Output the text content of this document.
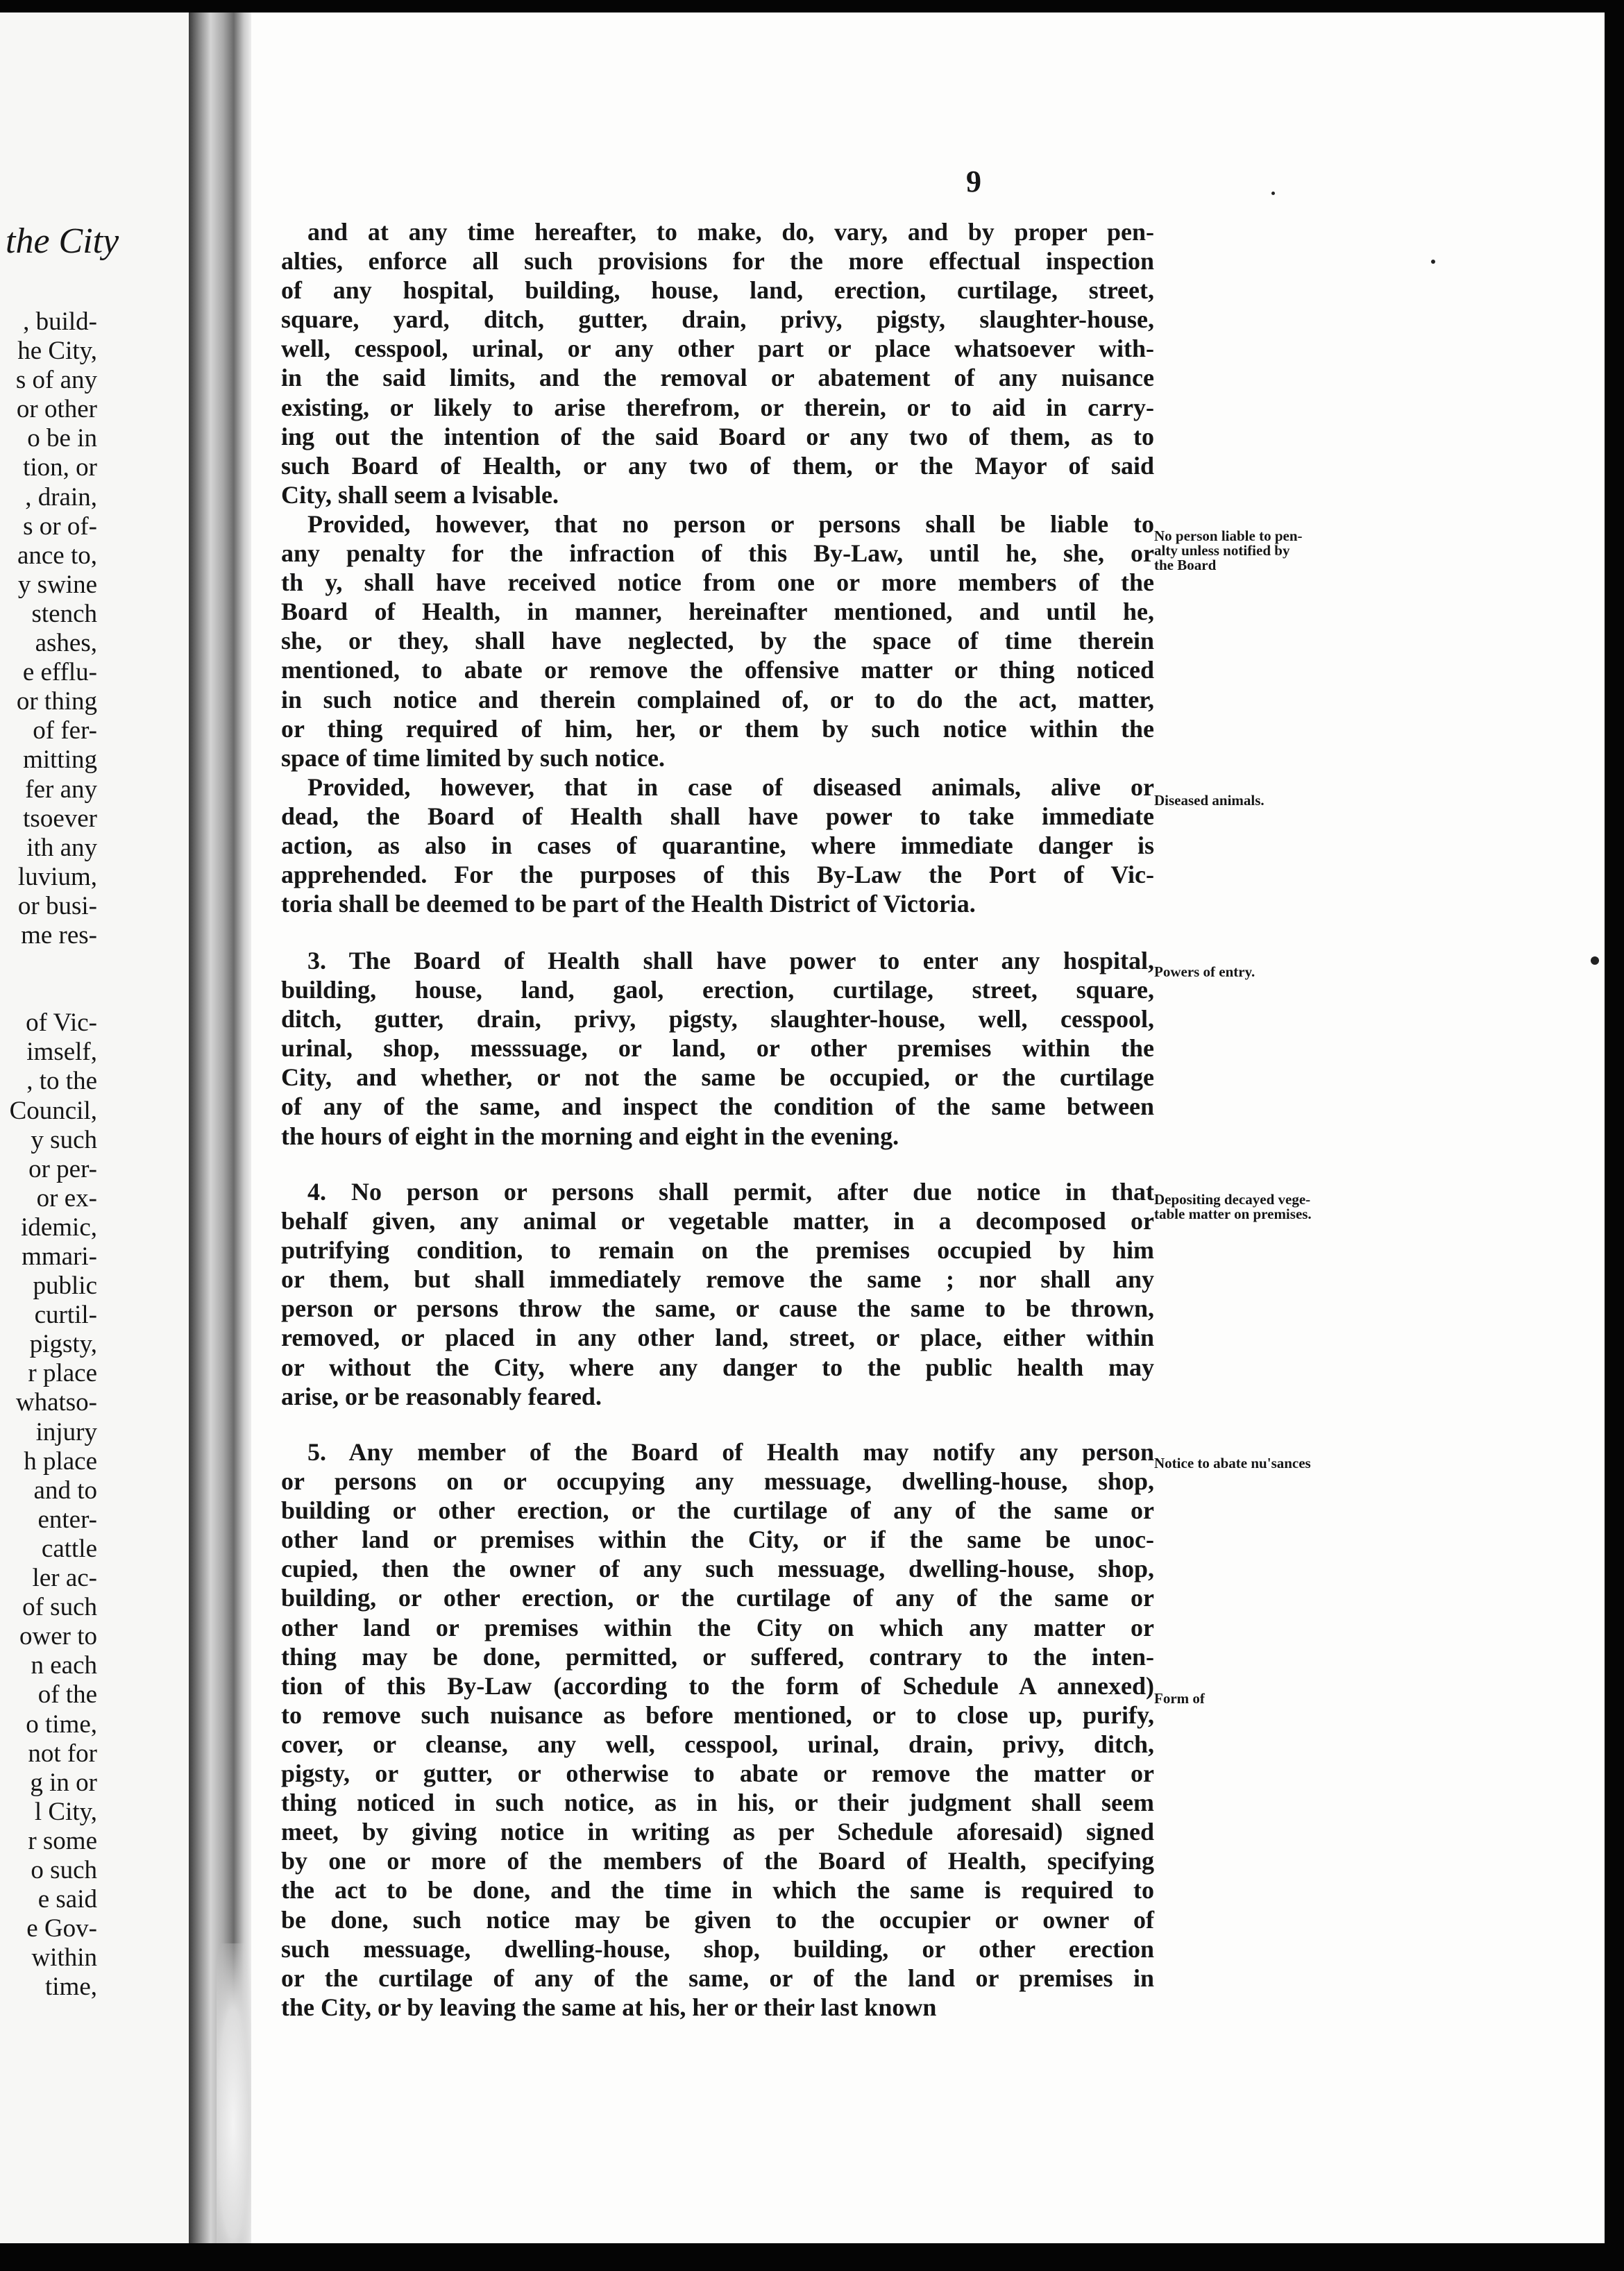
the City
, build-
he City,
s of any
or other
o be in
tion, or
, drain,
s or of-
ance to,
y swine
stench
ashes,
e efflu-
or thing
of fer-
mitting
fer any
tsoever
ith any
luvium,
or busi-
me res-
of Vic-
imself,
, to the
Council,
y such
or per-
or ex-
idemic,
mmari-
public
curtil-
pigsty,
r place
whatso-
injury
h place
and to
enter-
cattle
ler ac-
of such
ower to
n each
of the
o time,
not for
g in or
l City,
r some
o such
e said
e Gov-
within
time,
9
and at any time hereafter, to make, do, vary, and by proper pen-
alties, enforce all such provisions for the more effectual inspection
of any hospital, building, house, land, erection, curtilage, street,
square, yard, ditch, gutter, drain, privy, pigsty, slaughter-house,
well, cesspool, urinal, or any other part or place whatsoever with-
in the said limits, and the removal or abatement of any nuisance
existing, or likely to arise therefrom, or therein, or to aid in carry-
ing out the intention of the said Board or any two of them, as to
such Board of Health, or any two of them, or the Mayor of said
City, shall seem a lvisable.
Provided, however, that no person or persons shall be liable to
any penalty for the infraction of this By-Law, until he, she, or
th y, shall have received notice from one or more members of the
Board of Health, in manner, hereinafter mentioned, and until he,
she, or they, shall have neglected, by the space of time therein
mentioned, to abate or remove the offensive matter or thing noticed
in such notice and therein complained of, or to do the act, matter,
or thing required of him, her, or them by such notice within the
space of time limited by such notice.
Provided, however, that in case of diseased animals, alive or
dead, the Board of Health shall have power to take immediate
action, as also in cases of quarantine, where immediate danger is
apprehended. For the purposes of this By-Law the Port of Vic-
toria shall be deemed to be part of the Health District of Victoria.
3. The Board of Health shall have power to enter any hospital,
building, house, land, gaol, erection, curtilage, street, square,
ditch, gutter, drain, privy, pigsty, slaughter-house, well, cesspool,
urinal, shop, messsuage, or land, or other premises within the
City, and whether, or not the same be occupied, or the curtilage
of any of the same, and inspect the condition of the same between
the hours of eight in the morning and eight in the evening.
4. No person or persons shall permit, after due notice in that
behalf given, any animal or vegetable matter, in a decomposed or
putrifying condition, to remain on the premises occupied by him
or them, but shall immediately remove the same ; nor shall any
person or persons throw the same, or cause the same to be thrown,
removed, or placed in any other land, street, or place, either within
or without the City, where any danger to the public health may
arise, or be reasonably feared.
5. Any member of the Board of Health may notify any person
or persons on or occupying any messuage, dwelling-house, shop,
building or other erection, or the curtilage of any of the same or
other land or premises within the City, or if the same be unoc-
cupied, then the owner of any such messuage, dwelling-house, shop,
building, or other erection, or the curtilage of any of the same or
other land or premises within the City on which any matter or
thing may be done, permitted, or suffered, contrary to the inten-
tion of this By-Law (according to the form of Schedule A annexed)
to remove such nuisance as before mentioned, or to close up, purify,
cover, or cleanse, any well, cesspool, urinal, drain, privy, ditch,
pigsty, or gutter, or otherwise to abate or remove the matter or
thing noticed in such notice, as in his, or their judgment shall seem
meet, by giving notice in writing as per Schedule aforesaid) signed
by one or more of the members of the Board of Health, specifying
the act to be done, and the time in which the same is required to
be done, such notice may be given to the occupier or owner of
such messuage, dwelling-house, shop, building, or other erection
or the curtilage of any of the same, or of the land or premises in
the City, or by leaving the same at his, her or their last known
No person liable to pen-
alty unless notified by
the Board
Diseased animals.
Powers of entry.
Depositing decayed vege-
table matter on premises.
Notice to abate nu'sances
Form of
